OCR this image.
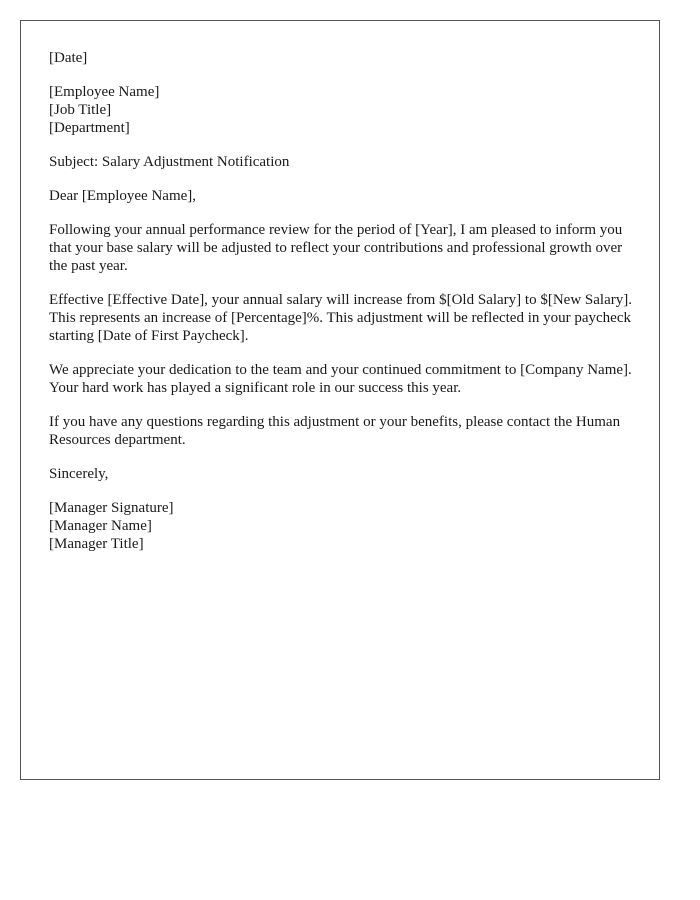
[Date]
[Employee Name]
[Job Title]
[Department]

Subject: Salary Adjustment Notification

Dear [Employee Name],

Following your annual performance review for the period of [Year], I am pleased to inform you that your base salary will be adjusted to reflect your contributions and professional growth over the past year.

Effective [Effective Date], your annual salary will increase from $[Old Salary] to $[New Salary]. This represents an increase of [Percentage]%. This adjustment will be reflected in your paycheck starting [Date of First Paycheck].

We appreciate your dedication to the team and your continued commitment to [Company Name]. Your hard work has played a significant role in our success this year.

If you have any questions regarding this adjustment or your benefits, please contact the Human Resources department.

Sincerely,

[Manager Signature]
[Manager Name]
[Manager Title]
